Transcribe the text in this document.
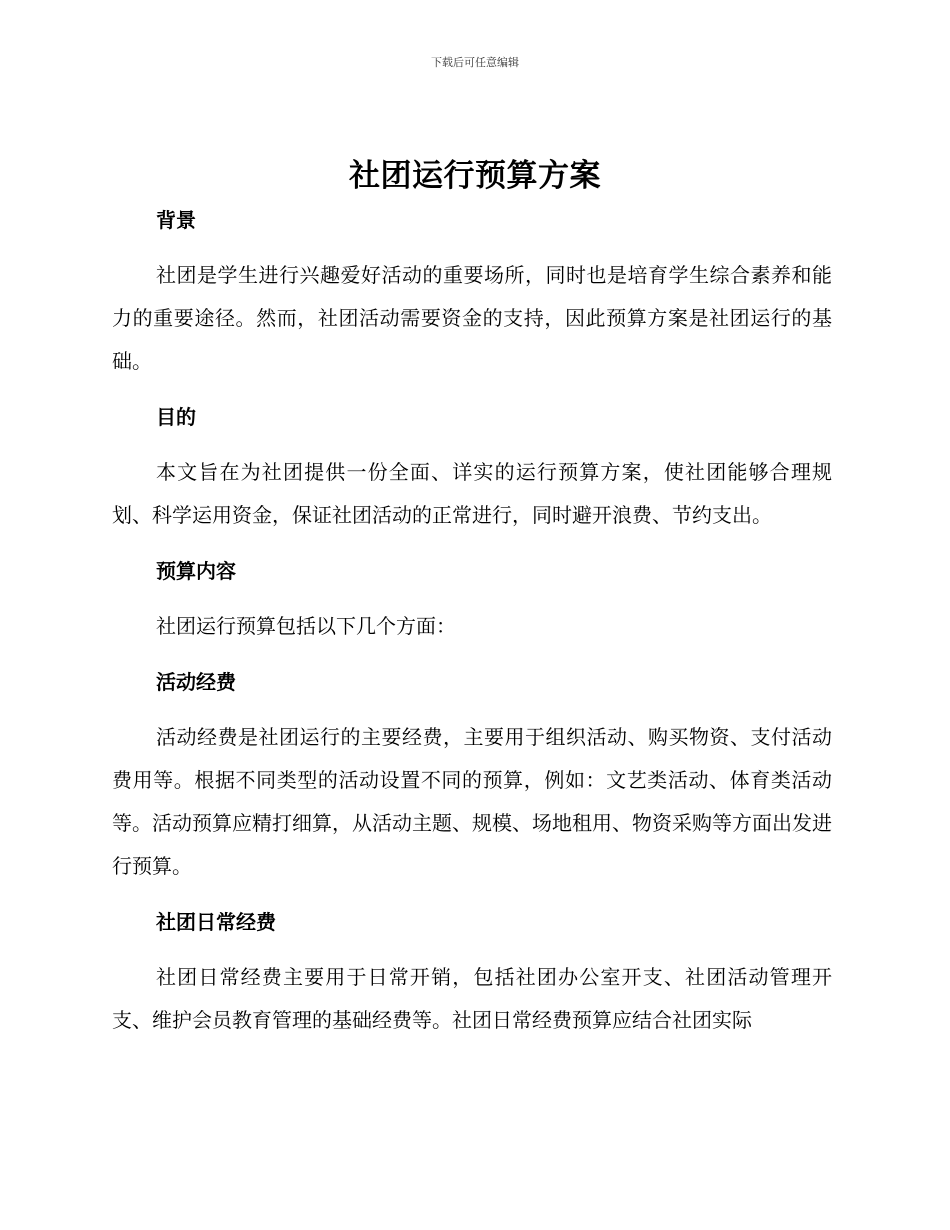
下载后可任意编辑
社团运行预算方案
背景

社团是学生进行兴趣爱好活动的重要场所，同时也是培育学生综合素养和能力的重要途径。然而，社团活动需要资金的支持，因此预算方案是社团运行的基础。

目的

本文旨在为社团提供一份全面、详实的运行预算方案，使社团能够合理规划、科学运用资金，保证社团活动的正常进行，同时避开浪费、节约支出。

预算内容

社团运行预算包括以下几个方面：

活动经费

活动经费是社团运行的主要经费，主要用于组织活动、购买物资、支付活动费用等。根据不同类型的活动设置不同的预算，例如：文艺类活动、体育类活动等。活动预算应精打细算，从活动主题、规模、场地租用、物资采购等方面出发进行预算。

社团日常经费

社团日常经费主要用于日常开销，包括社团办公室开支、社团活动管理开支、维护会员教育管理的基础经费等。社团日常经费预算应结合社团实际
